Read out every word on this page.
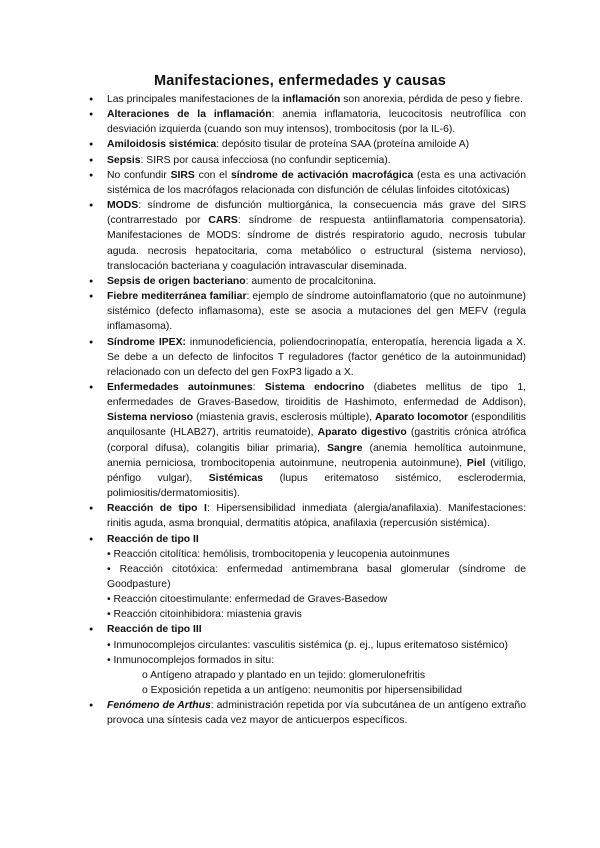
Manifestaciones, enfermedades y causas
● Las principales manifestaciones de la inflamación son anorexia, pérdida de peso y fiebre.
● Alteraciones de la inflamación: anemia inflamatoria, leucocitosis neutrofílica con desviación izquierda (cuando son muy intensos), trombocitosis (por la IL-6).
● Amiloidosis sistémica: depósito tisular de proteína SAA (proteína amiloide A)
● Sepsis: SIRS por causa infecciosa (no confundir septicemia).
● No confundir SIRS con el síndrome de activación macrofágica (esta es una activación sistémica de los macrófagos relacionada con disfunción de células linfoides citotóxicas)
● MODS: síndrome de disfunción multiorgánica, la consecuencia más grave del SIRS (contrarrestado por CARS: síndrome de respuesta antiinflamatoria compensatoria). Manifestaciones de MODS: síndrome de distrés respiratorio agudo, necrosis tubular aguda. necrosis hepatocitaria, coma metabólico o estructural (sistema nervioso), translocación bacteriana y coagulación intravascular diseminada.
● Sepsis de origen bacteriano: aumento de procalcitonina.
● Fiebre mediterránea familiar: ejemplo de síndrome autoinflamatorio (que no autoinmune) sistémico (defecto inflamasoma), este se asocia a mutaciones del gen MEFV (regula inflamasoma).
● Síndrome IPEX: inmunodeficiencia, poliendocrinopatía, enteropatía, herencia ligada a X. Se debe a un defecto de linfocitos T reguladores (factor genético de la autoinmunidad) relacionado con un defecto del gen FoxP3 ligado a X.
● Enfermedades autoinmunes: Sistema endocrino (diabetes mellitus de tipo 1, enfermedades de Graves-Basedow, tiroiditis de Hashimoto, enfermedad de Addison), Sistema nervioso (miastenia gravis, esclerosis múltiple), Aparato locomotor (espondilitis anquilosante (HLAB27), artritis reumatoide), Aparato digestivo (gastritis crónica atrófica (corporal difusa), colangitis biliar primaria), Sangre (anemia hemolítica autoinmune, anemia perniciosa, trombocitopenia autoinmune, neutropenia autoinmune), Piel (vitíligo, pénfigo vulgar), Sistémicas (lupus eritematoso sistémico, esclerodermia, polimiositis/dermatomiositis).
● Reacción de tipo I: Hipersensibilidad inmediata (alergia/anafilaxia). Manifestaciones: rinitis aguda, asma bronquial, dermatitis atópica, anafilaxia (repercusión sistémica).
● Reacción de tipo II
• Reacción citolítica: hemólisis, trombocitopenia y leucopenia autoinmunes
• Reacción citotóxica: enfermedad antimembrana basal glomerular (síndrome de Goodpasture)
• Reacción citoestimulante: enfermedad de Graves-Basedow
• Reacción citoinhibidora: miastenia gravis
● Reacción de tipo III
• Inmunocomplejos circulantes: vasculitis sistémica (p. ej., lupus eritematoso sistémico)
• Inmunocomplejos formados in situ:
o Antígeno atrapado y plantado en un tejido: glomerulonefritis
o Exposición repetida a un antígeno: neumonitis por hipersensibilidad
● Fenómeno de Arthus: administración repetida por vía subcutánea de un antígeno extraño provoca una síntesis cada vez mayor de anticuerpos específicos.
